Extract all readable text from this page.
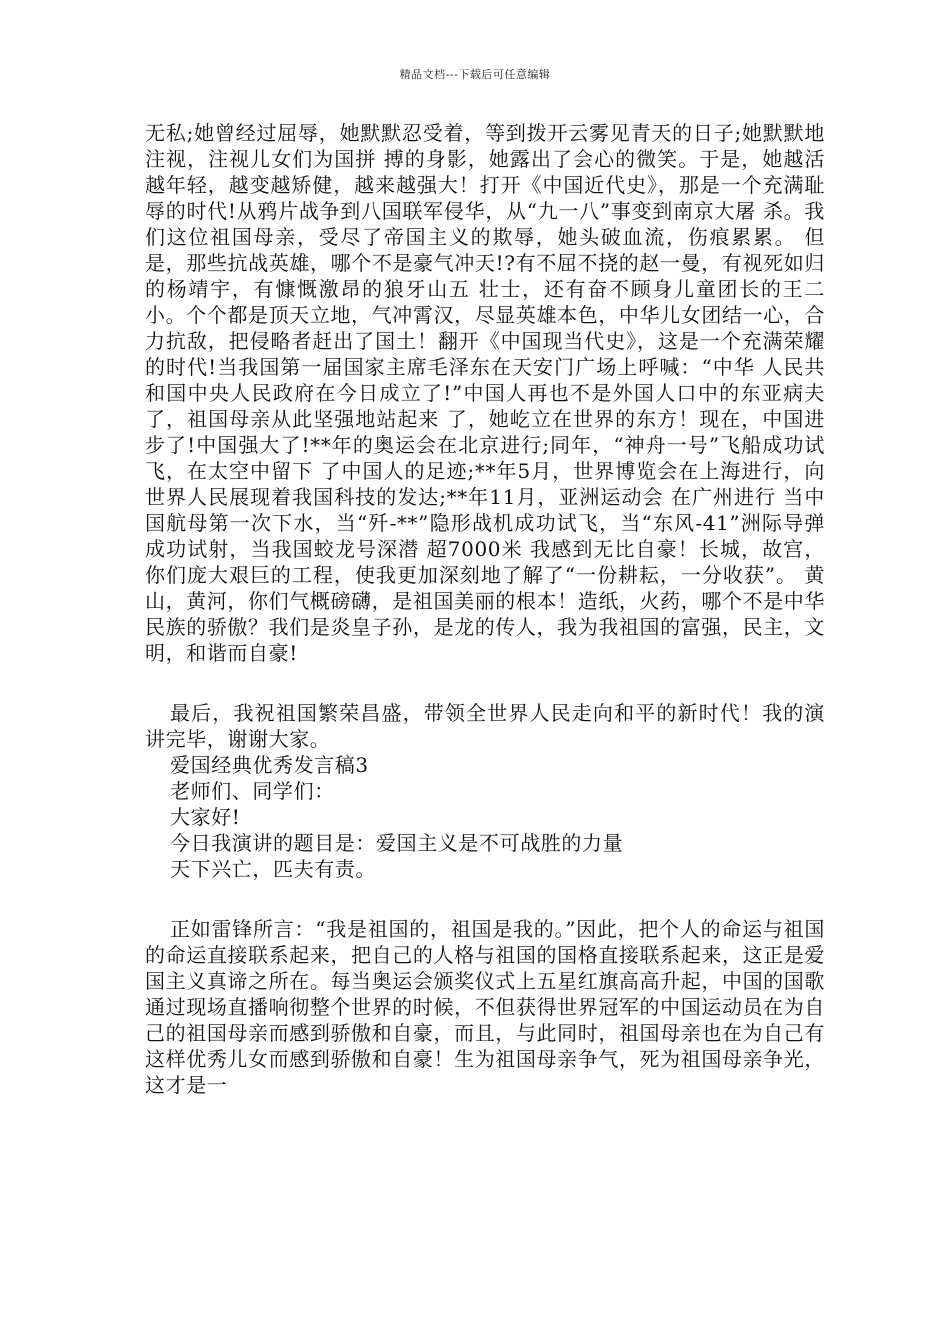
精品文档---下载后可任意编辑

无私;她曾经过屈辱，她默默忍受着，等到拨开云雾见青天的日子;她默默地注视，注视儿女们为国拼 搏的身影，她露出了会心的微笑。于是，她越活越年轻，越变越矫健，越来越强大！打开《中国近代史》，那是一个充满耻辱的时代!从鸦片战争到八国联军侵华，从“九一八”事变到南京大屠 杀。我们这位祖国母亲，受尽了帝国主义的欺辱，她头破血流，伤痕累累。 但是，那些抗战英雄，哪个不是豪气冲天!?有不屈不挠的赵一曼，有视死如归的杨靖宇，有慷慨激昂的狼牙山五 壮士，还有奋不顾身儿童团长的王二小。个个都是顶天立地，气冲霄汉，尽显英雄本色，中华儿女团结一心，合力抗敌，把侵略者赶出了国土！翻开《中国现当代史》，这是一个充满荣耀的时代!当我国第一届国家主席毛泽东在天安门广场上呼喊：“中华 人民共和国中央人民政府在今日成立了!”中国人再也不是外国人口中的东亚病夫了，祖国母亲从此坚强地站起来 了，她屹立在世界的东方！现在，中国进步了!中国强大了!**年的奥运会在北京进行;同年，“神舟一号”飞船成功试飞，在太空中留下 了中国人的足迹;**年5月，世界博览会在上海进行，向世界人民展现着我国科技的发达;**年11月，亚洲运动会 在广州进行 当中国航母第一次下水，当“歼-**”隐形战机成功试飞，当“东风-41”洲际导弹成功试射，当我国蛟龙号深潜 超7000米 我感到无比自豪！长城，故宫，你们庞大艰巨的工程，使我更加深刻地了解了“一份耕耘，一分收获”。 黄山，黄河，你们气概磅礴，是祖国美丽的根本！造纸，火药，哪个不是中华民族的骄傲？我们是炎皇子孙，是龙的传人，我为我祖国的富强，民主，文明，和谐而自豪!

最后，我祝祖国繁荣昌盛，带领全世界人民走向和平的新时代！我的演讲完毕，谢谢大家。

爱国经典优秀发言稿3

老师们、同学们：

大家好!

今日我演讲的题目是：爱国主义是不可战胜的力量

天下兴亡，匹夫有责。

正如雷锋所言：“我是祖国的，祖国是我的。”因此，把个人的命运与祖国的命运直接联系起来，把自己的人格与祖国的国格直接联系起来，这正是爱国主义真谛之所在。每当奥运会颁奖仪式上五星红旗高高升起，中国的国歌通过现场直播响彻整个世界的时候，不但获得世界冠军的中国运动员在为自己的祖国母亲而感到骄傲和自豪，而且，与此同时，祖国母亲也在为自己有这样优秀儿女而感到骄傲和自豪！生为祖国母亲争气，死为祖国母亲争光，这才是一
